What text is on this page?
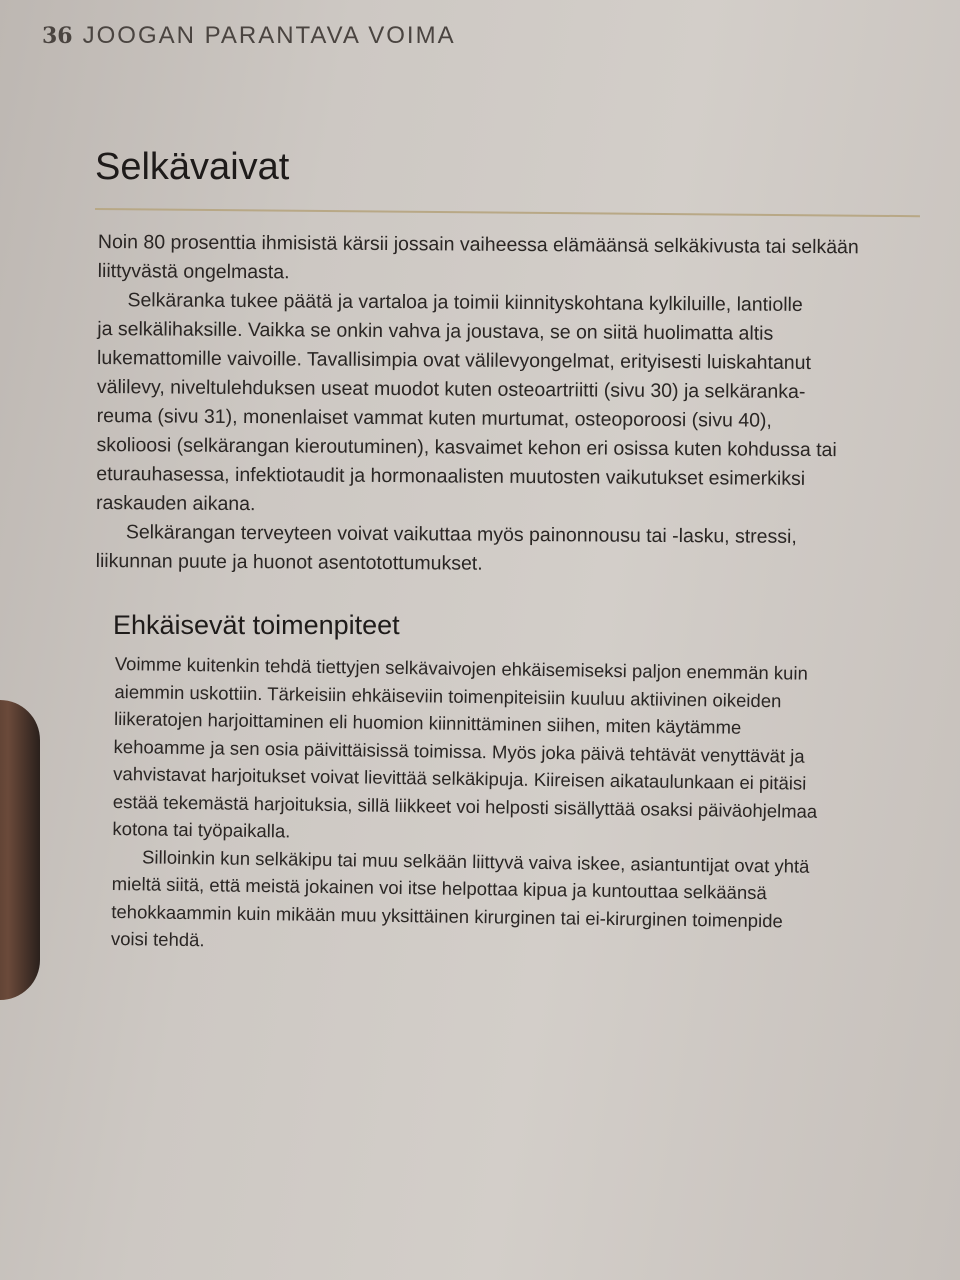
36 JOOGAN PARANTAVA VOIMA
Selkävaivat
Noin 80 prosenttia ihmisistä kärsii jossain vaiheessa elämäänsä selkäkivusta tai selkään
liittyvästä ongelmasta.
Selkäranka tukee päätä ja vartaloa ja toimii kiinnityskohtana kylkiluille, lantiolle
ja selkälihaksille. Vaikka se onkin vahva ja joustava, se on siitä huolimatta altis
lukemattomille vaivoille. Tavallisimpia ovat välilevyongelmat, erityisesti luiskahtanut
välilevy, niveltulehduksen useat muodot kuten osteoartriitti (sivu 30) ja selkäranka-
reuma (sivu 31), monenlaiset vammat kuten murtumat, osteoporoosi (sivu 40),
skolioosi (selkärangan kieroutuminen), kasvaimet kehon eri osissa kuten kohdussa tai
eturauhasessa, infektiotaudit ja hormonaalisten muutosten vaikutukset esimerkiksi
raskauden aikana.
Selkärangan terveyteen voivat vaikuttaa myös painonnousu tai -lasku, stressi,
liikunnan puute ja huonot asentotottumukset.
Ehkäisevät toimenpiteet
Voimme kuitenkin tehdä tiettyjen selkävaivojen ehkäisemiseksi paljon enemmän kuin
aiemmin uskottiin. Tärkeisiin ehkäiseviin toimenpiteisiin kuuluu aktiivinen oikeiden
liikeratojen harjoittaminen eli huomion kiinnittäminen siihen, miten käytämme
kehoamme ja sen osia päivittäisissä toimissa. Myös joka päivä tehtävät venyttävät ja
vahvistavat harjoitukset voivat lievittää selkäkipuja. Kiireisen aikataulunkaan ei pitäisi
estää tekemästä harjoituksia, sillä liikkeet voi helposti sisällyttää osaksi päiväohjelmaa
kotona tai työpaikalla.
Silloinkin kun selkäkipu tai muu selkään liittyvä vaiva iskee, asiantuntijat ovat yhtä
mieltä siitä, että meistä jokainen voi itse helpottaa kipua ja kuntouttaa selkäänsä
tehokkaammin kuin mikään muu yksittäinen kirurginen tai ei-kirurginen toimenpide
voisi tehdä.
